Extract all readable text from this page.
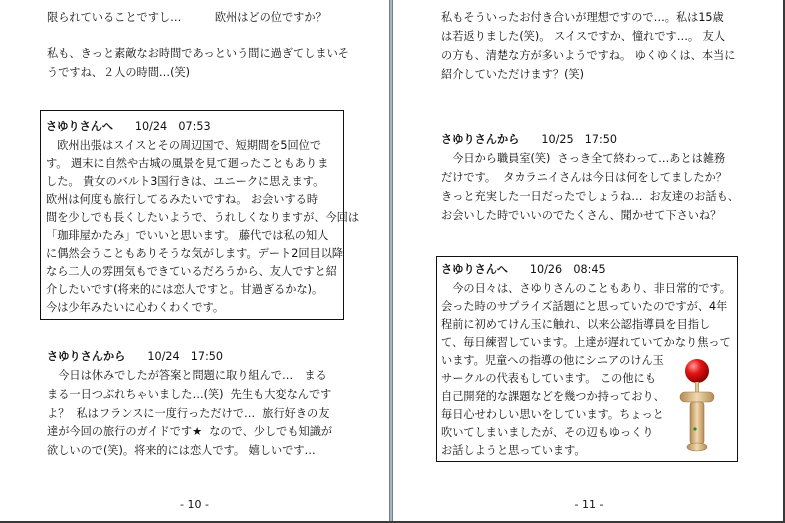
限られていることですし…　　　欧州はどの位ですか？
私も、きっと素敵なお時間であっという間に過ぎてしまいそ
うですね、２人の時間…(笑)
さゆりさんへ 10/24　07:53
　欧州出張はスイスとその周辺国で、短期間を5回位で
す。 週末に自然や古城の風景を見て廻ったこともありま
した。 貴女のバルト3国行きは、ユニークに思えます。
欧州は何度も旅行してるみたいですね。 お会いする時
間を少しでも長くしたいようで、うれしくなりますが、今回は
「珈琲屋かたみ」でいいと思います。 藤代では私の知人
に偶然会うこともありそうな気がします。デート2回目以降
なら二人の雰囲気もできているだろうから、友人ですと紹
介したいです(将来的には恋人ですと。甘過ぎるかな)。
今は少年みたいに心わくわくです。
さゆりさんから 10/24　17:50
　今日は休みでしたが答案と問題に取り組んで…　まる
まる一日つぶれちゃいました…(笑)  先生も大変なんです
よ？  私はフランスに一度行っただけで…  旅行好きの友
達が今回の旅行のガイドです★  なので、少しでも知識が
欲しいので(笑)。将来的には恋人です。 嬉しいです…
- 10 -
私もそういったお付き合いが理想ですので…。私は15歳
は若返りました(笑)。 スイスですか、憧れです…。 友人
の方も、清楚な方が多いようですね。 ゆくゆくは、本当に
紹介していただけます？(笑)
さゆりさんから 10/25　17:50
　今日から職員室(笑)  さっき全て終わって…あとは雑務
だけです。  タカラニイさんは今日は何をしてましたか？
きっと充実した一日だったでしょうね…  お友達のお話も、
お会いした時でいいのでたくさん、聞かせて下さいね？
さゆりさんへ 10/26　08:45
　今の日々は、さゆりさんのこともあり、非日常的です。
会った時のサプライズ話題にと思っていたのですが、4年
程前に初めてけん玉に触れ、以来公認指導員を目指し
て、毎日練習しています。上達が遅れていてかなり焦って
います。児童への指導の他にシニアのけん玉
サークルの代表もしています。 この他にも
自己開発的な課題などを幾つか持っており、
毎日心せわしい思いをしています。ちょっと
吹いてしまいましたが、その辺もゆっくり
お話しようと思っています。
- 11 -
